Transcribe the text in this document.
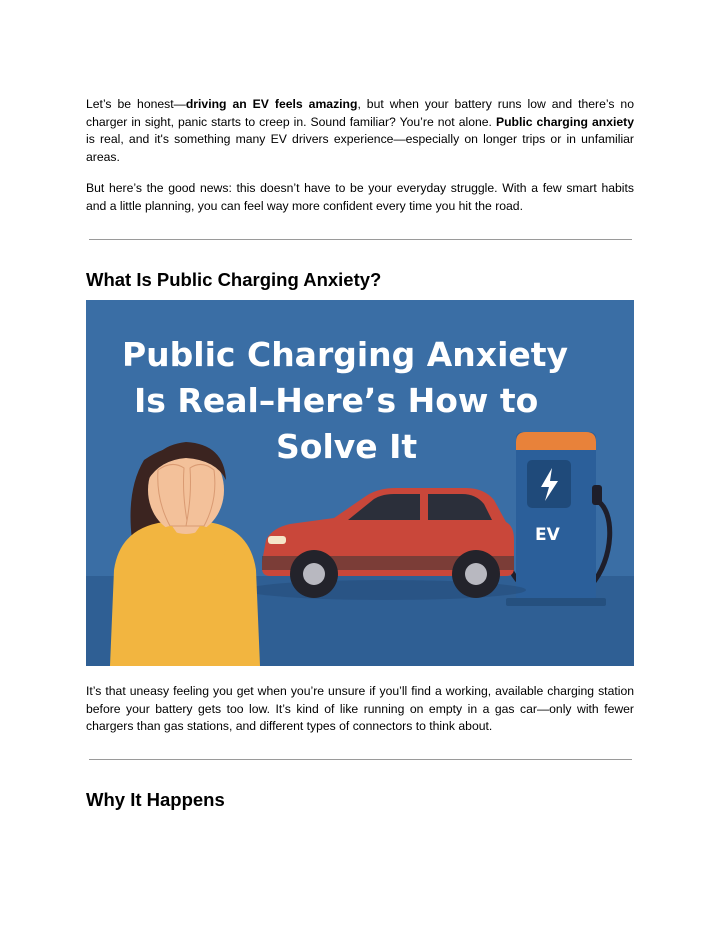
Let’s be honest—driving an EV feels amazing, but when your battery runs low and there’s no charger in sight, panic starts to creep in. Sound familiar? You’re not alone. Public charging anxiety is real, and it's something many EV drivers experience—especially on longer trips or in unfamiliar areas.

But here’s the good news: this doesn’t have to be your everyday struggle. With a few smart habits and a little planning, you can feel way more confident every time you hit the road.

What Is Public Charging Anxiety?
Public Charging Anxiety
Is Real–Here’s How to
Solve It
EV

It’s that uneasy feeling you get when you’re unsure if you’ll find a working, available charging station before your battery gets too low. It’s kind of like running on empty in a gas car—only with fewer chargers than gas stations, and different types of connectors to think about.

Why It Happens
